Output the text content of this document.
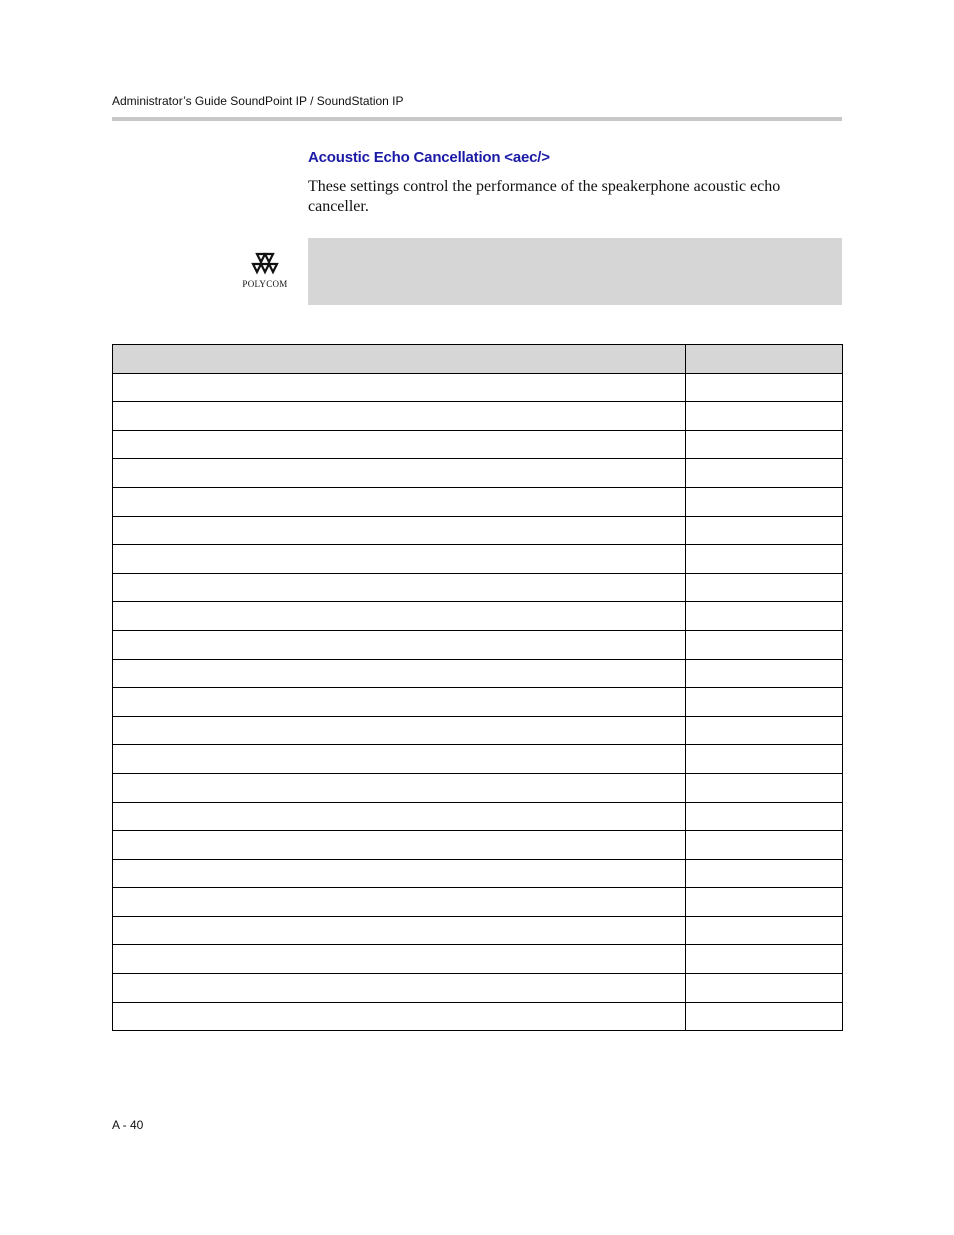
Administrator’s Guide SoundPoint IP / SoundStation IP
Acoustic Echo Cancellation <aec/>
These settings control the performance of the speakerphone acoustic echo canceller.
POLYCOM

A - 40
